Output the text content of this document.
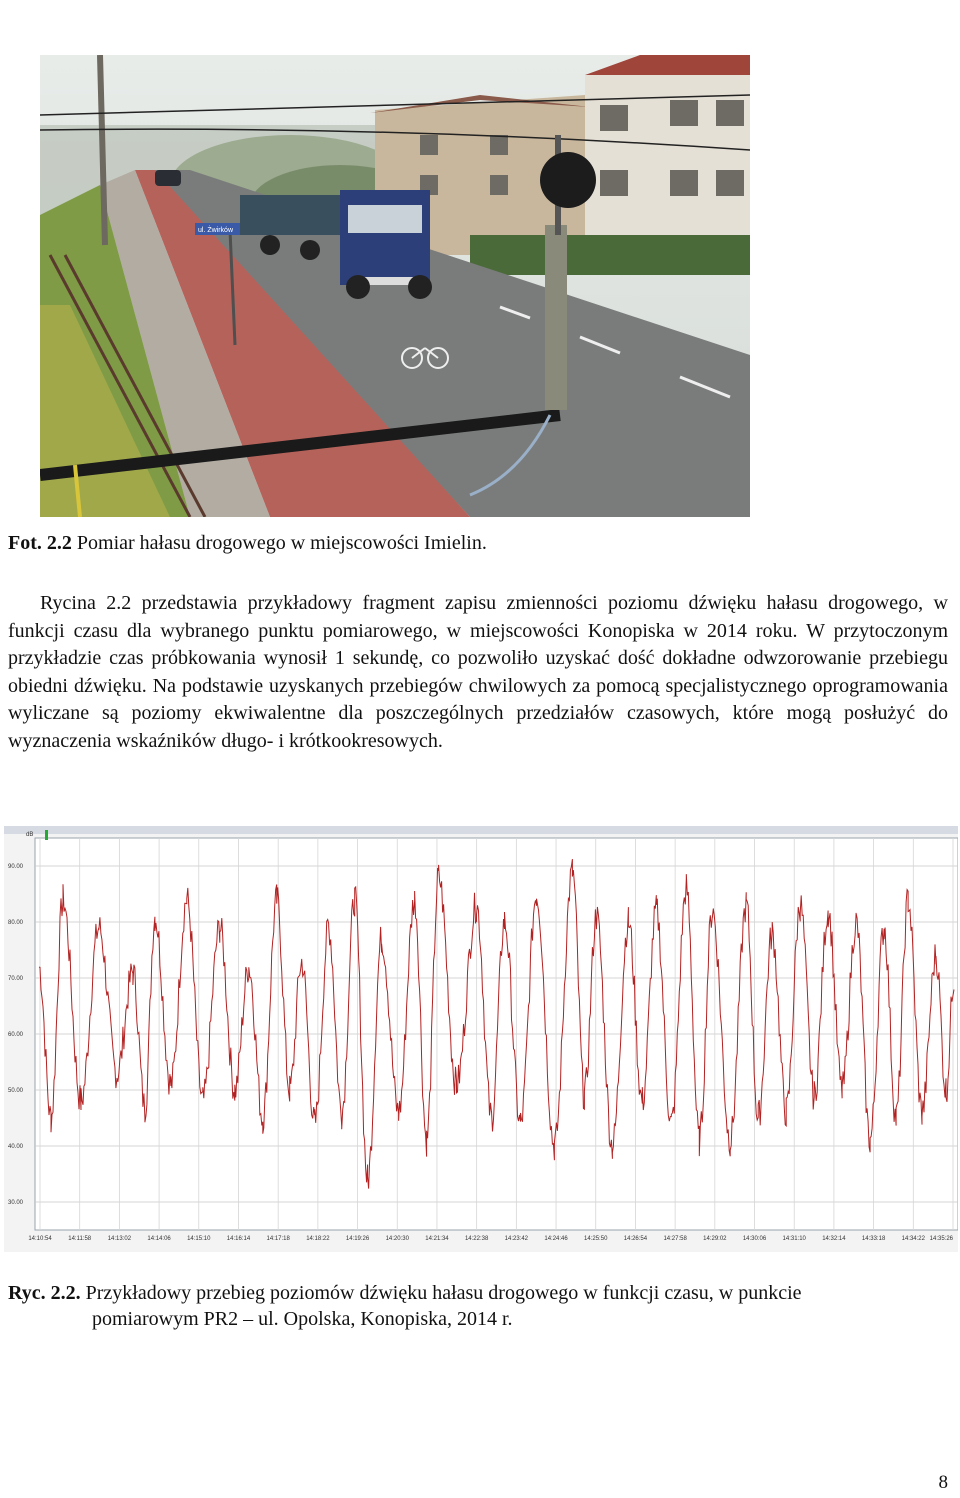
ul. Żwirków
Fot. 2.2 Pomiar hałasu drogowego w miejscowości Imielin.

Rycina 2.2 przedstawia przykładowy fragment zapisu zmienności poziomu dźwięku hałasu drogowego, w funkcji czasu dla wybranego punktu pomiarowego, w miejscowości Konopiska w 2014 roku. W przytoczonym przykładzie czas próbkowania wynosił 1 sekundę, co pozwoliło uzyskać dość dokładne odwzorowanie przebiegu obiedni dźwięku. Na podstawie uzyskanych przebiegów chwilowych za pomocą specjalistycznego oprogramowania wyliczane są poziomy ekwiwalentne dla poszczególnych przedziałów czasowych, które mogą posłużyć do wyznaczenia wskaźników długo- i krótkookresowych.

dB
90.00
80.00
70.00
60.00
50.00
40.00
30.00
14:10:54	14:11:58	14:13:02	14:14:06	14:15:10	14:16:14	14:17:18	14:18:22	14:19:26	14:20:30	14:21:34	14:22:38	14:23:42	14:24:46	14:25:50	14:26:54	14:27:58	14:29:02	14:30:06	14:31:10	14:32:14	14:33:18	14:34:22 14:35:26
Ryc. 2.2. Przykładowy przebieg poziomów dźwięku hałasu drogowego w funkcji czasu, w punkcie
pomiarowym PR2 – ul. Opolska, Konopiska, 2014 r.
8
